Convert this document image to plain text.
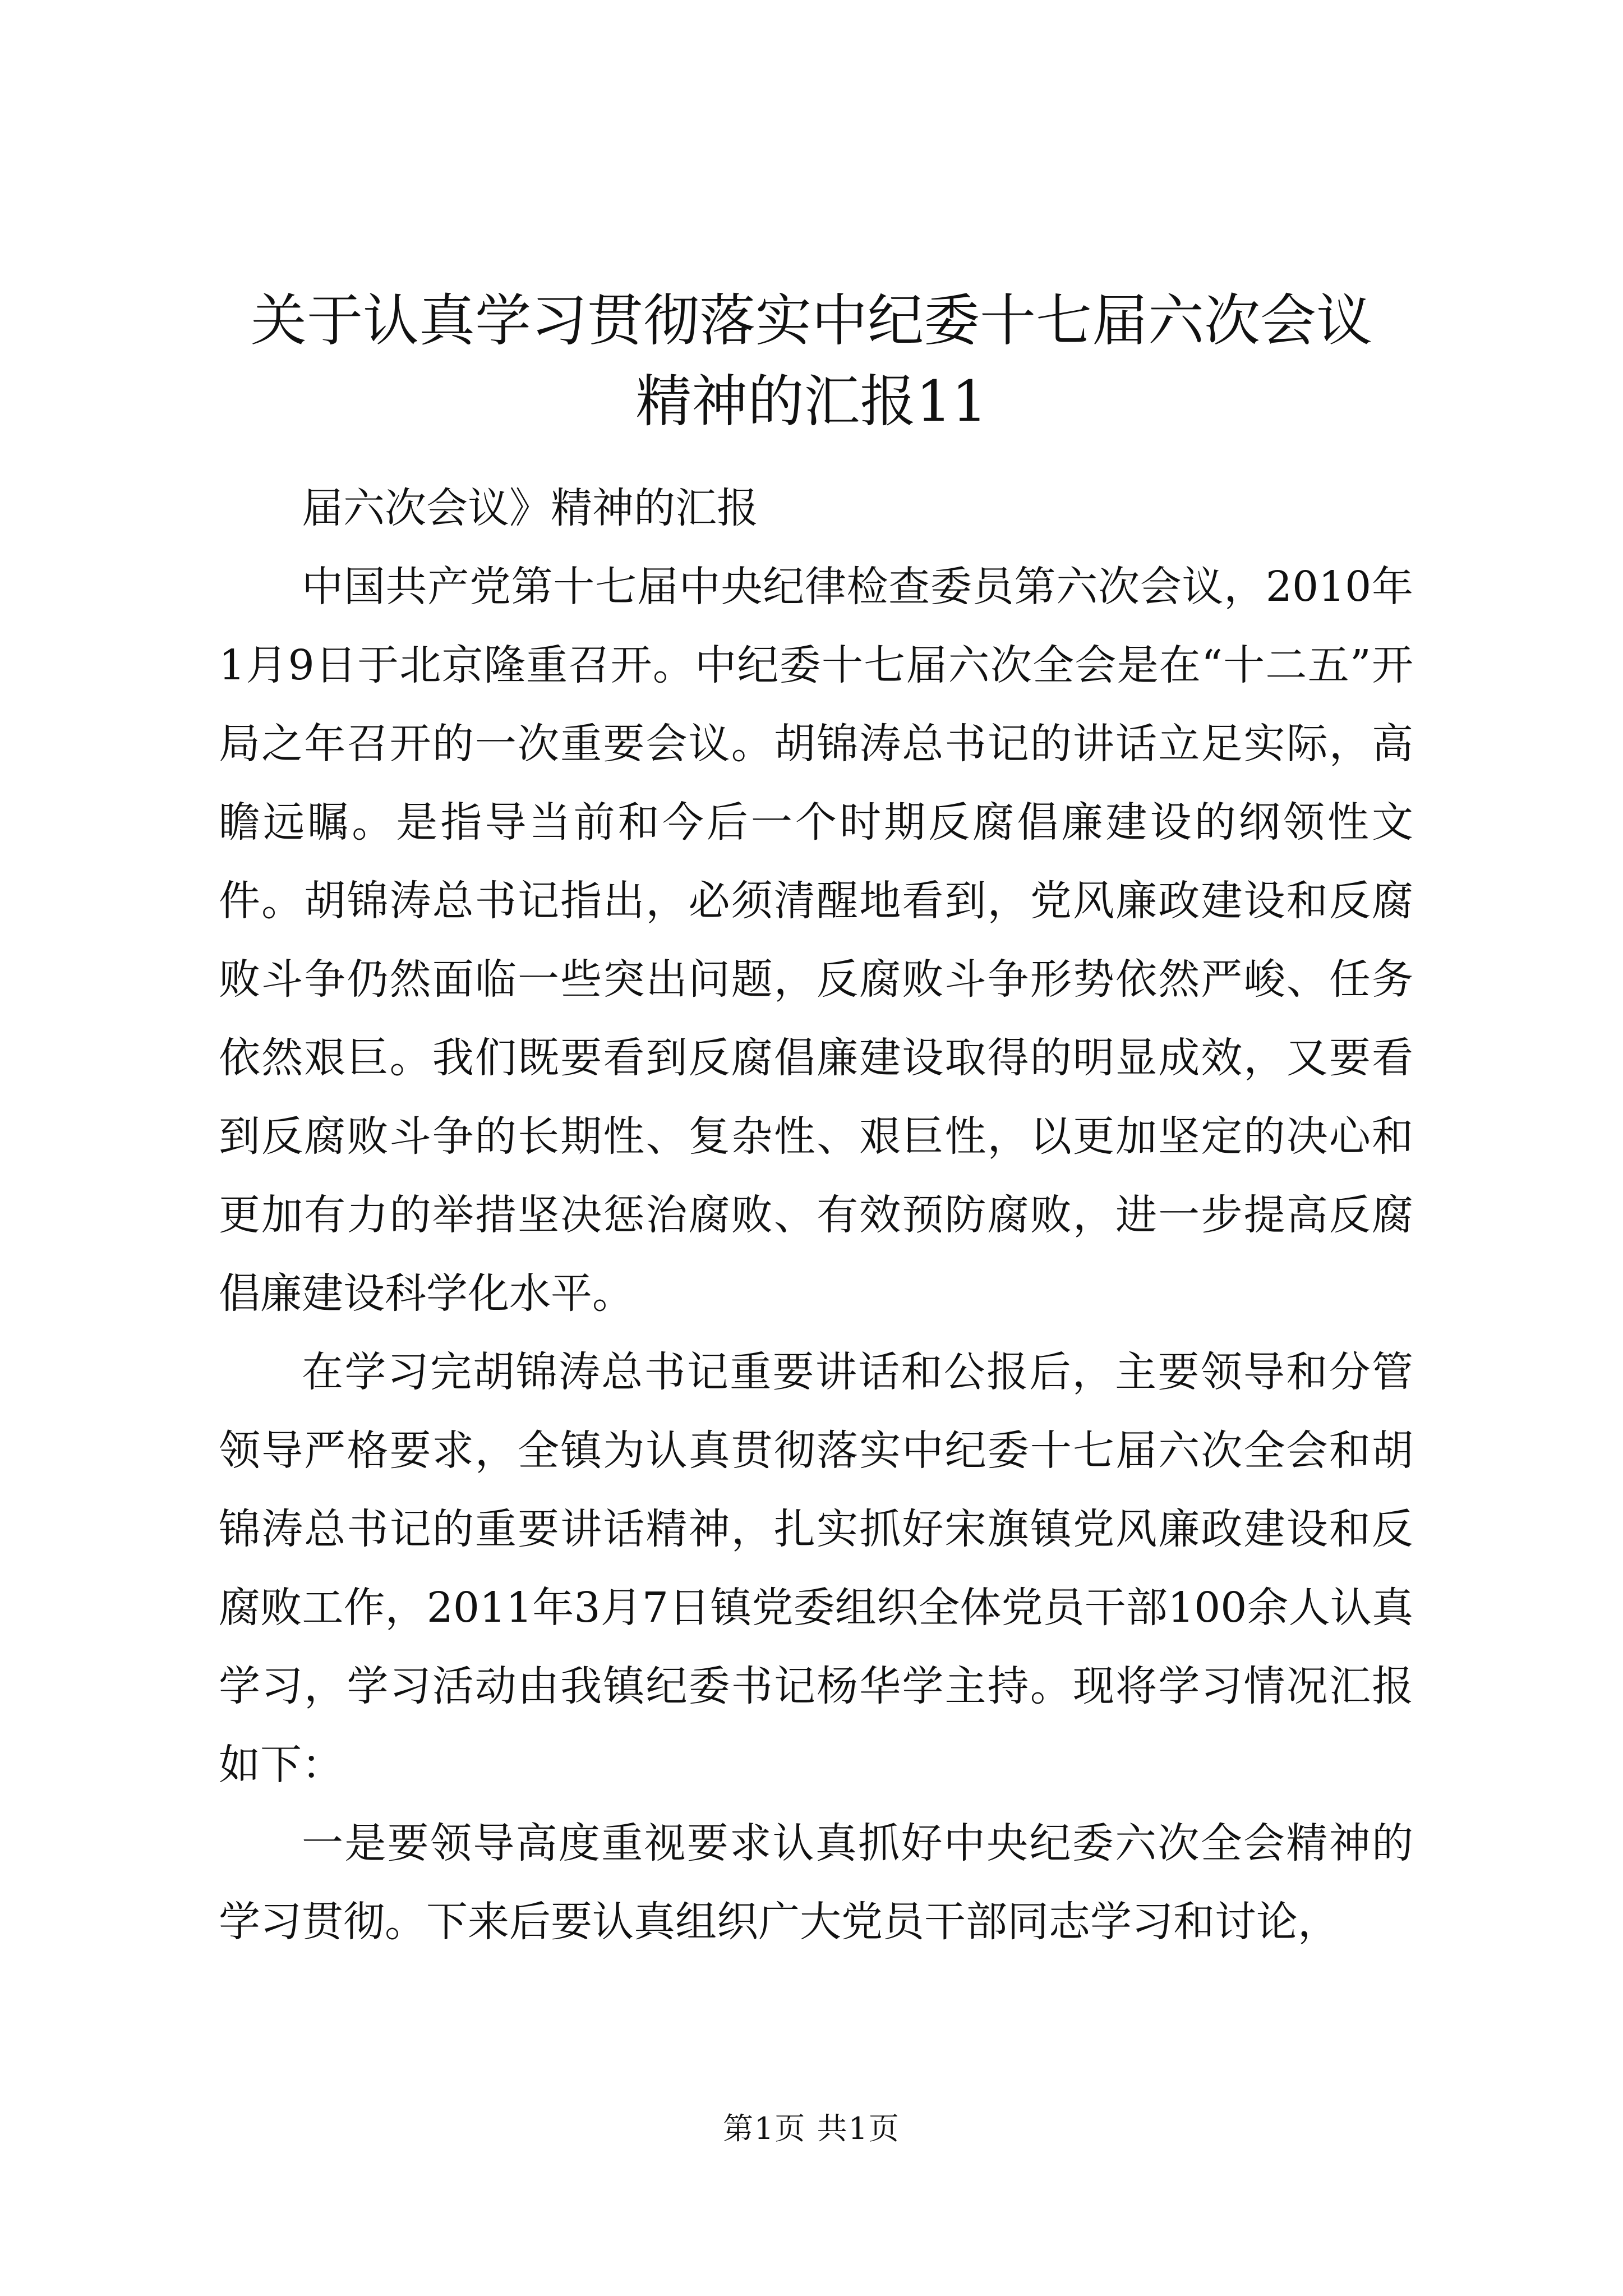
关于认真学习贯彻落实中纪委十七届六次会议
精神的汇报11

届六次会议》精神的汇报

中国共产党第十七届中央纪律检查委员第六次会议，2010年1月9日于北京隆重召开。中纪委十七届六次全会是在“十二五”开局之年召开的一次重要会议。胡锦涛总书记的讲话立足实际，高瞻远瞩。是指导当前和今后一个时期反腐倡廉建设的纲领性文件。胡锦涛总书记指出，必须清醒地看到，党风廉政建设和反腐败斗争仍然面临一些突出问题，反腐败斗争形势依然严峻、任务依然艰巨。我们既要看到反腐倡廉建设取得的明显成效，又要看到反腐败斗争的长期性、复杂性、艰巨性，以更加坚定的决心和更加有力的举措坚决惩治腐败、有效预防腐败，进一步提高反腐倡廉建设科学化水平。

在学习完胡锦涛总书记重要讲话和公报后，主要领导和分管领导严格要求，全镇为认真贯彻落实中纪委十七届六次全会和胡锦涛总书记的重要讲话精神，扎实抓好宋旗镇党风廉政建设和反腐败工作，2011年3月7日镇党委组织全体党员干部100余人认真学习，学习活动由我镇纪委书记杨华学主持。现将学习情况汇报如下：

一是要领导高度重视要求认真抓好中央纪委六次全会精神的学习贯彻。下来后要认真组织广大党员干部同志学习和讨论，

第1页 共1页
